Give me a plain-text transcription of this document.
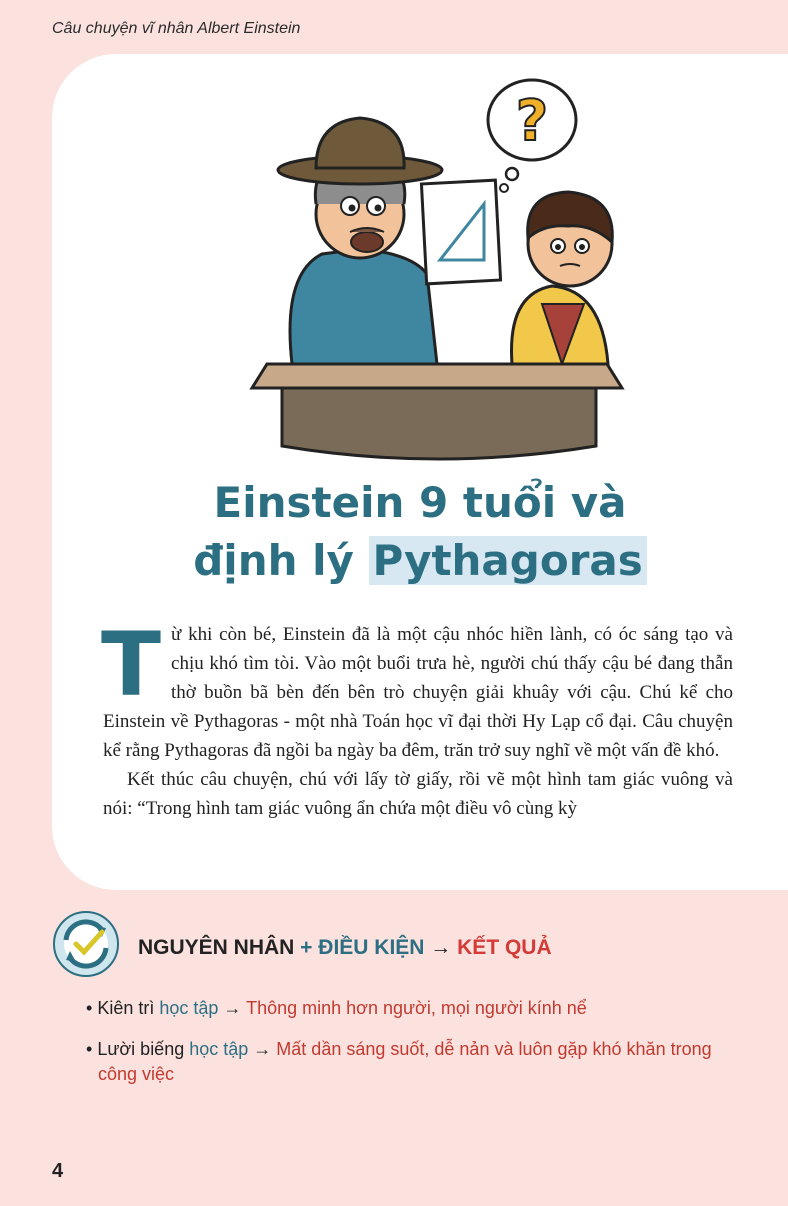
Câu chuyện vĩ nhân Albert Einstein
?
Einstein 9 tuổi và
định lý Pythagoras

Từ khi còn bé, Einstein đã là một cậu nhóc hiền lành, có óc sáng tạo và chịu khó tìm tòi. Vào một buổi trưa hè, người chú thấy cậu bé đang thẫn thờ buồn bã bèn đến bên trò chuyện giải khuây với cậu. Chú kể cho Einstein về Pythagoras - một nhà Toán học vĩ đại thời Hy Lạp cổ đại. Câu chuyện kể rằng Pythagoras đã ngồi ba ngày ba đêm, trăn trở suy nghĩ về một vấn đề khó.

Kết thúc câu chuyện, chú với lấy tờ giấy, rồi vẽ một hình tam giác vuông và nói: “Trong hình tam giác vuông ẩn chứa một điều vô cùng kỳ

NGUYÊN NHÂN + ĐIỀU KIỆN → KẾT QUẢ
• Kiên trì học tập → Thông minh hơn người, mọi người kính nể
• Lười biếng học tập → Mất dần sáng suốt, dễ nản và luôn gặp khó khăn trong công việc
4
